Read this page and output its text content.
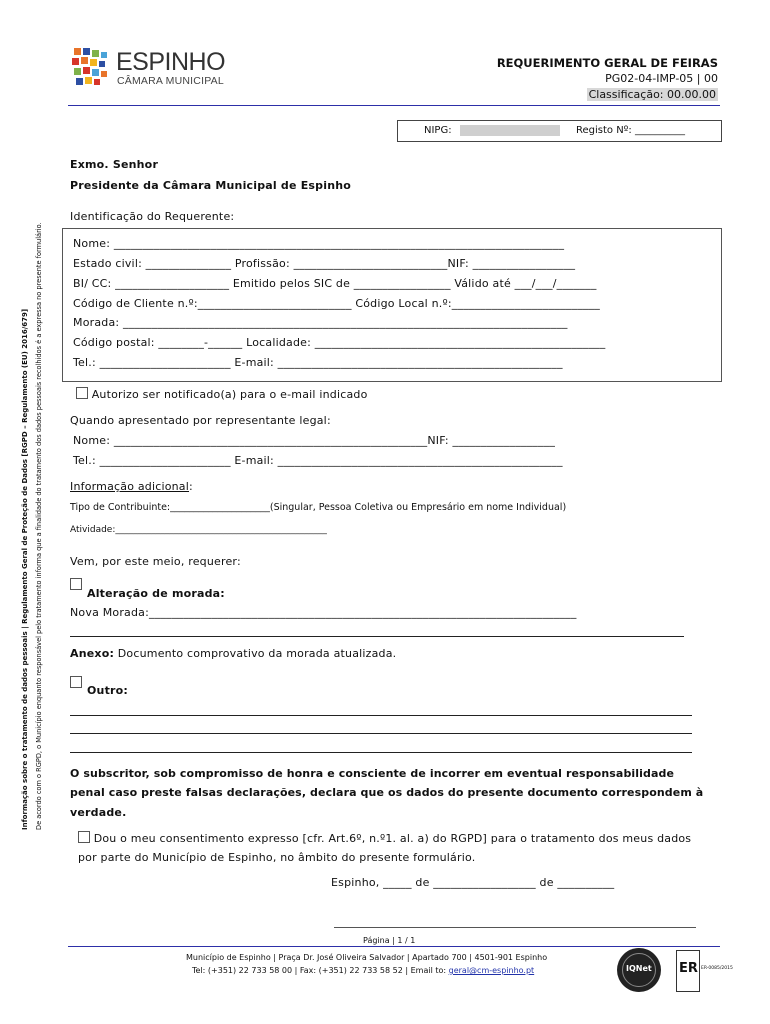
ESPINHO
CÂMARA MUNICIPAL
REQUERIMENTO GERAL DE FEIRAS
PG02-04-IMP-05 | 00
Classificação: 00.00.00
Informação sobre o tratamento de dados pessoais | Regulamento Geral de Proteção de Dados [RGPD – Regulamento (EU) 2016/679] De acordo com o RGPD, o Município enquanto responsável pelo tratamento informa que a finalidade do tratamento dos dados pessoais recolhidos é a expressa no presente formulário.
NIPG:	Registo Nº: __________
Exmo. Senhor
Presidente da Câmara Municipal de Espinho
Identificação do Requerente:
Nome: _______________________________________________________________________________
Estado civil: _______________ Profissão: ___________________________NIF: __________________
BI/ CC: ____________________ Emitido pelos SIC de _________________ Válido até ___/___/_______
Código de Cliente n.º:___________________________ Código Local n.º:__________________________
Morada: ______________________________________________________________________________
Código postal: ________-______ Localidade: ___________________________________________________
Tel.: _______________________ E-mail: __________________________________________________
Autorizo ser notificado(a) para o e-mail indicado
Quando apresentado por representante legal:
Nome: _______________________________________________________NIF: __________________
Tel.: _______________________ E-mail: __________________________________________________
Informação adicional:
Tipo de Contribuinte:_____________________(Singular, Pessoa Coletiva ou Empresário em nome Individual)
Atividade:_______________________________________________
Vem, por este meio, requerer:
Alteração de morada:
Nova Morada:___________________________________________________________________________
Anexo: Documento comprovativo da morada atualizada.
Outro:
O subscritor, sob compromisso de honra e consciente de incorrer em eventual responsabilidade
penal caso preste falsas declarações, declara que os dados do presente documento correspondem à
verdade.
Dou o meu consentimento expresso [cfr. Art.6º, n.º1. al. a) do RGPD] para o tratamento dos meus dados
por parte do Município de Espinho, no âmbito do presente formulário.
Espinho, _____ de __________________ de __________
Página | 1 / 1
Município de Espinho | Praça Dr. José Oliveira Salvador | Apartado 700 | 4501-901 Espinho
Tel: (+351) 22 733 58 00 | Fax: (+351) 22 733 58 52 | Email to: geral@cm-espinho.pt	IQNet ER ER-0085/2015
